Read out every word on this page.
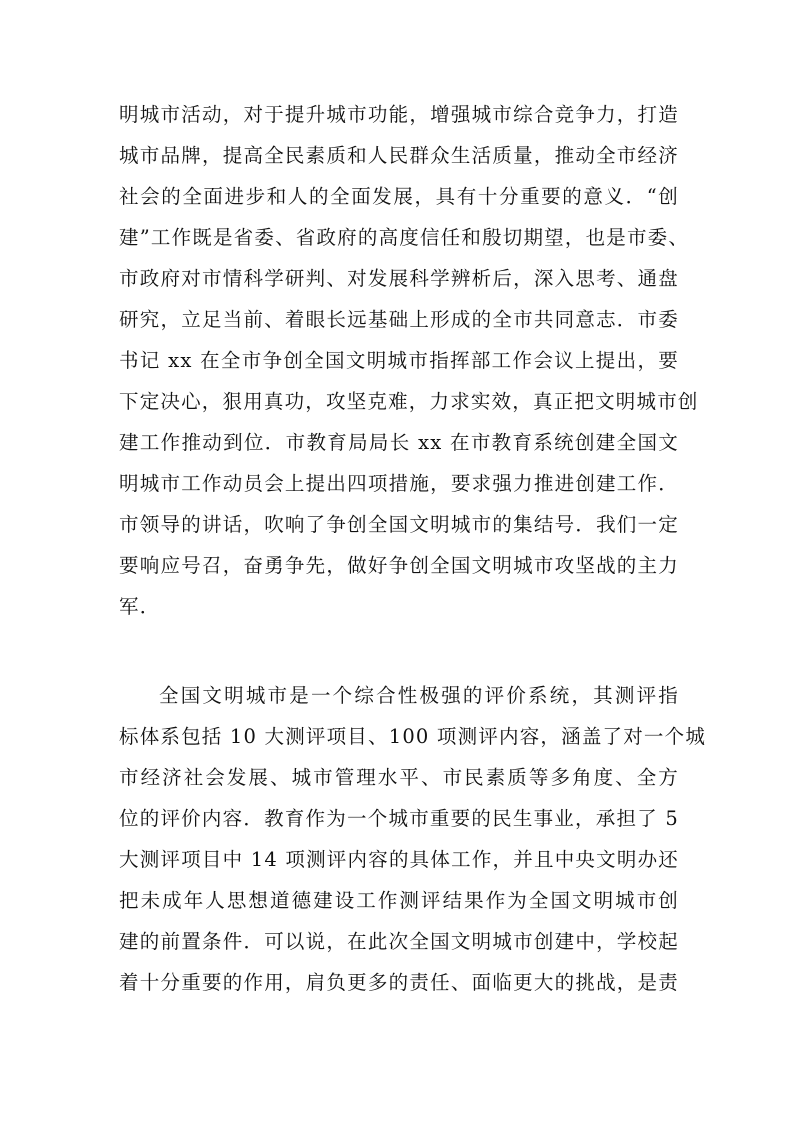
明城市活动，对于提升城市功能，增强城市综合竞争力，打造
城市品牌，提高全民素质和人民群众生活质量，推动全市经济
社会的全面进步和人的全面发展，具有十分重要的意义．“创
建”工作既是省委、省政府的高度信任和殷切期望，也是市委、
市政府对市情科学研判、对发展科学辨析后，深入思考、通盘
研究，立足当前、着眼长远基础上形成的全市共同意志．市委
书记 xx 在全市争创全国文明城市指挥部工作会议上提出，要
下定决心，狠用真功，攻坚克难，力求实效，真正把文明城市创
建工作推动到位．市教育局局长 xx 在市教育系统创建全国文
明城市工作动员会上提出四项措施，要求强力推进创建工作．
市领导的讲话，吹响了争创全国文明城市的集结号．我们一定
要响应号召，奋勇争先，做好争创全国文明城市攻坚战的主力
军．
全国文明城市是一个综合性极强的评价系统，其测评指
标体系包括 10 大测评项目、100 项测评内容，涵盖了对一个城
市经济社会发展、城市管理水平、市民素质等多角度、全方
位的评价内容．教育作为一个城市重要的民生事业，承担了 5
大测评项目中 14 项测评内容的具体工作，并且中央文明办还
把未成年人思想道德建设工作测评结果作为全国文明城市创
建的前置条件．可以说，在此次全国文明城市创建中，学校起
着十分重要的作用，肩负更多的责任、面临更大的挑战，是责
